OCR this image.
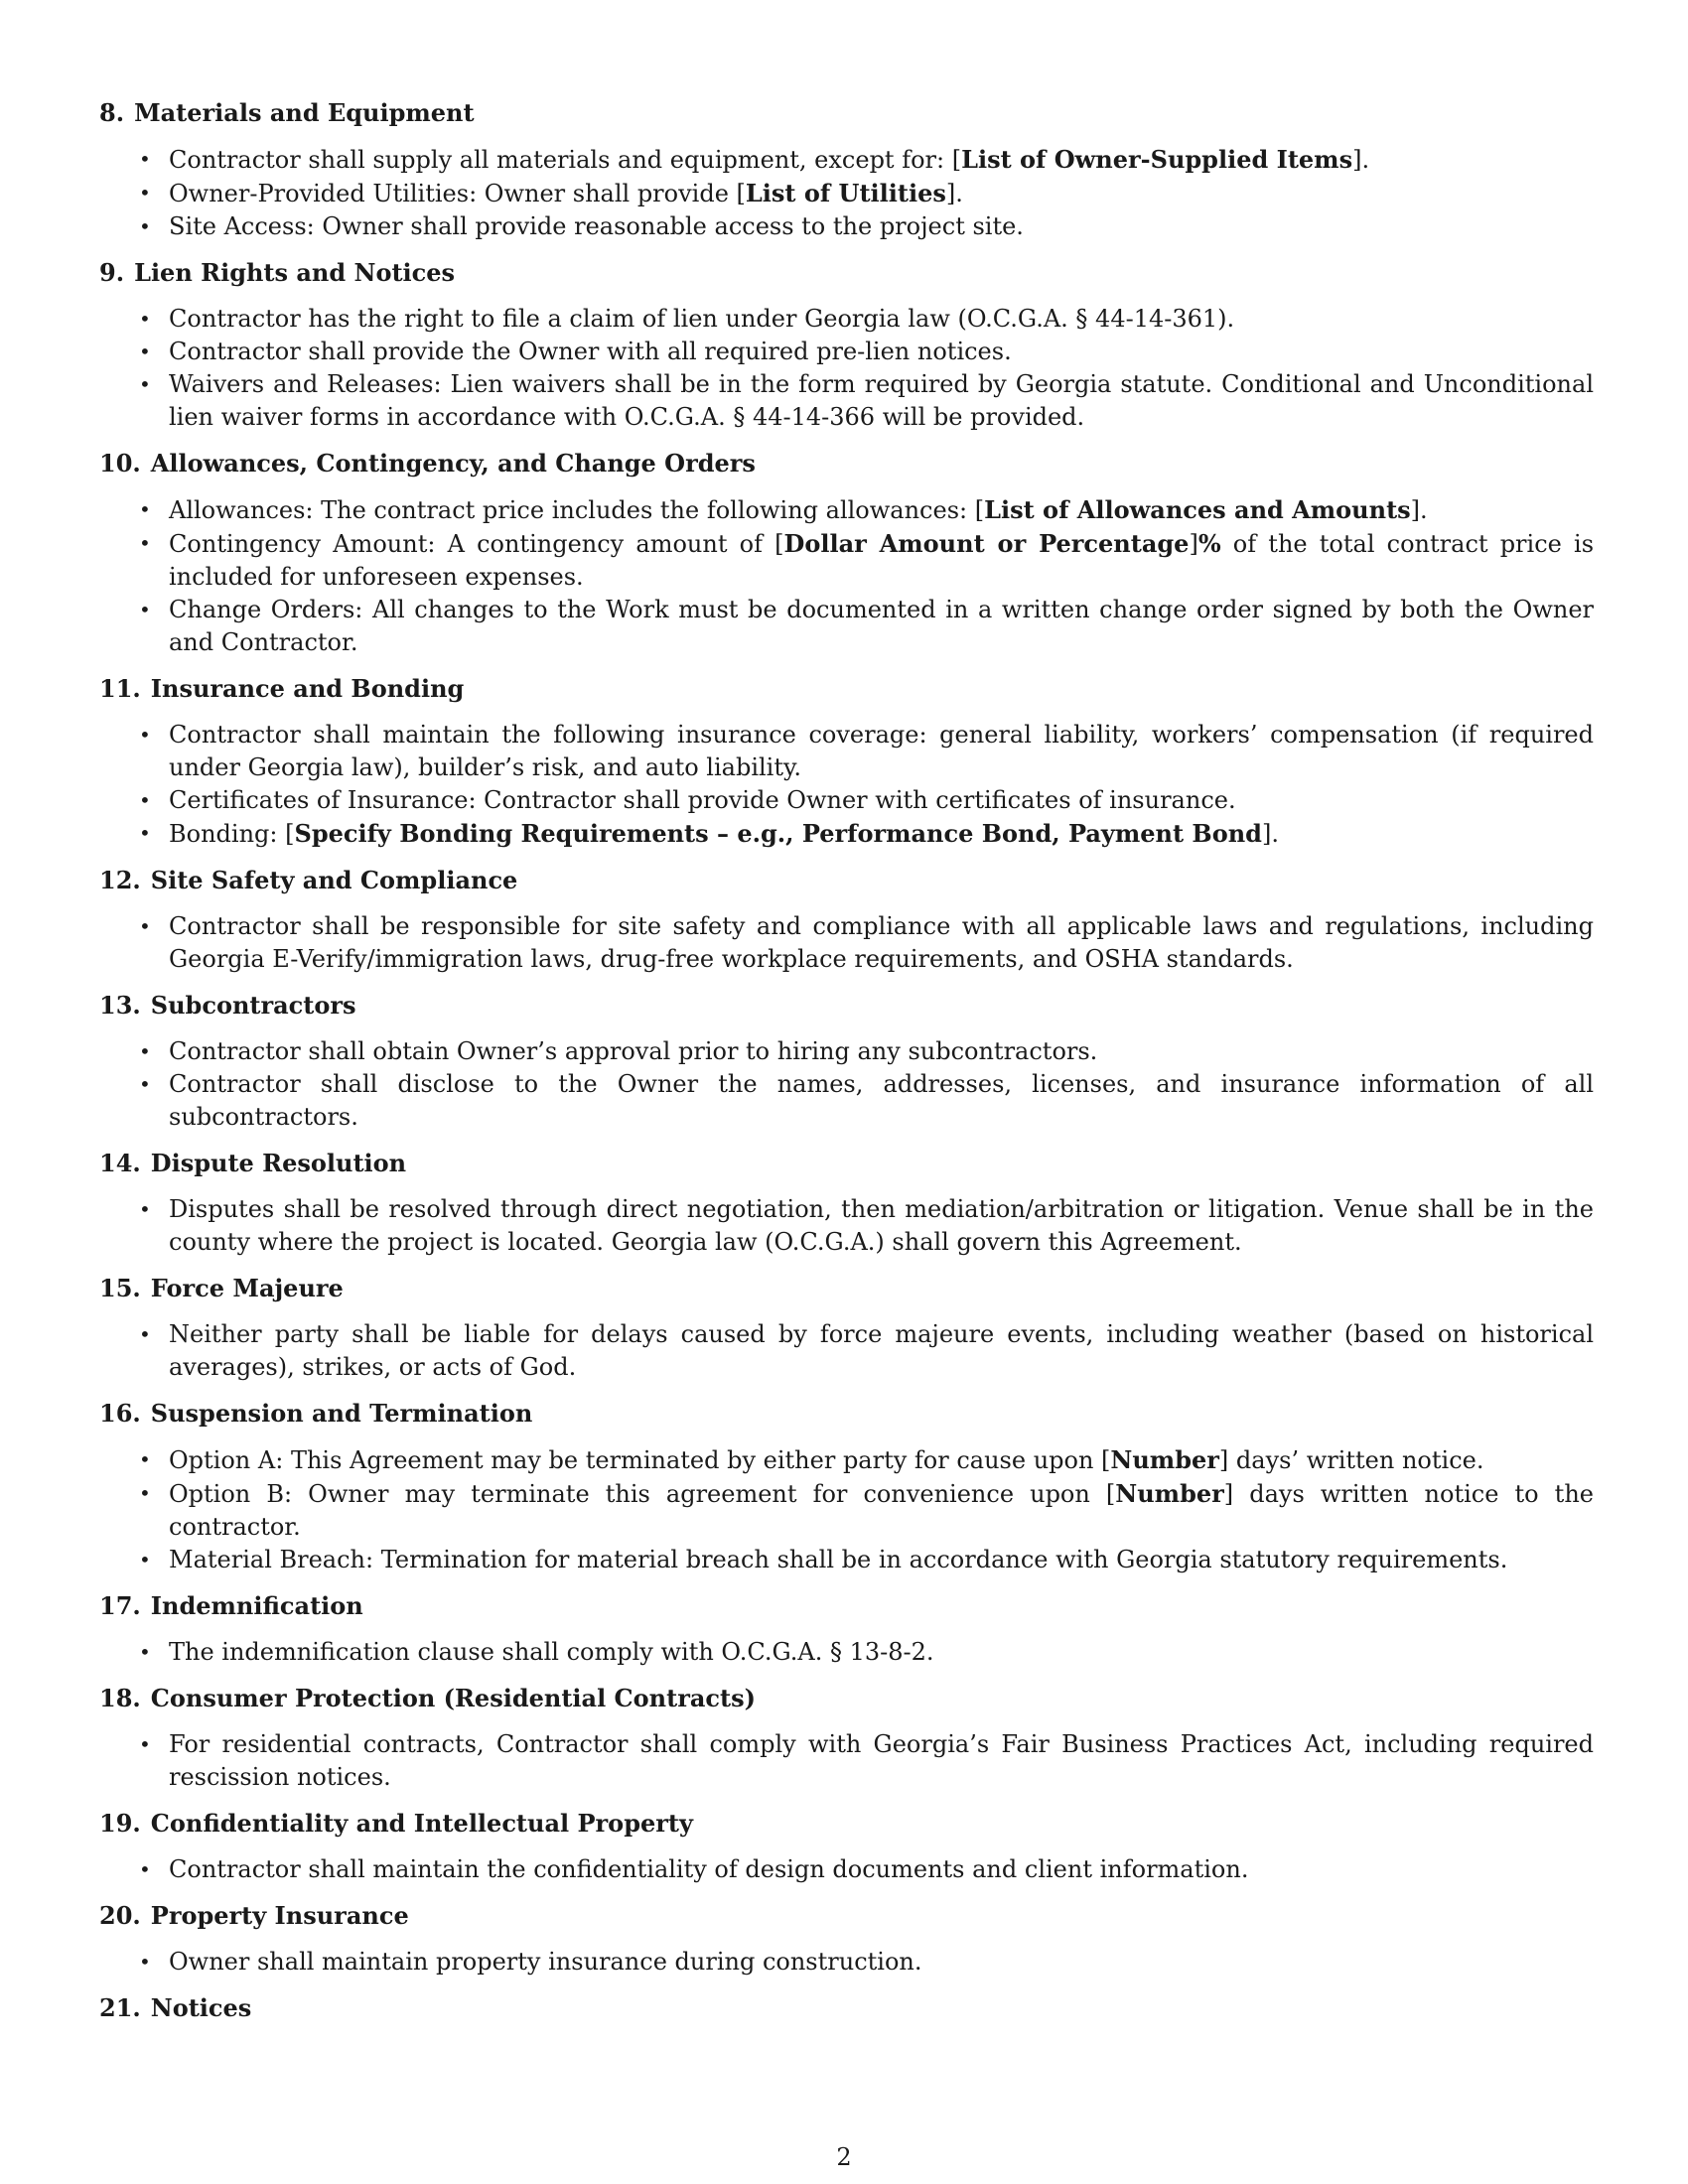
8. Materials and Equipment
• Contractor shall supply all materials and equipment, except for: [List of Owner-Supplied Items].
• Owner-Provided Utilities: Owner shall provide [List of Utilities].
• Site Access: Owner shall provide reasonable access to the project site.
9. Lien Rights and Notices
• Contractor has the right to file a claim of lien under Georgia law (O.C.G.A. § 44-14-361).
• Contractor shall provide the Owner with all required pre-lien notices.
• Waivers and Releases: Lien waivers shall be in the form required by Georgia statute. Conditional and Unconditional lien waiver forms in accordance with O.C.G.A. § 44-14-366 will be provided.
10. Allowances, Contingency, and Change Orders
• Allowances: The contract price includes the following allowances: [List of Allowances and Amounts].
• Contingency Amount: A contingency amount of [Dollar Amount or Percentage]% of the total contract price is included for unforeseen expenses.
• Change Orders: All changes to the Work must be documented in a written change order signed by both the Owner and Contractor.
11. Insurance and Bonding
• Contractor shall maintain the following insurance coverage: general liability, workers’ compensation (if required under Georgia law), builder’s risk, and auto liability.
• Certificates of Insurance: Contractor shall provide Owner with certificates of insurance.
• Bonding: [Specify Bonding Requirements – e.g., Performance Bond, Payment Bond].
12. Site Safety and Compliance
• Contractor shall be responsible for site safety and compliance with all applicable laws and regulations, including Georgia E-Verify/immigration laws, drug-free workplace requirements, and OSHA standards.
13. Subcontractors
• Contractor shall obtain Owner’s approval prior to hiring any subcontractors.
• Contractor shall disclose to the Owner the names, addresses, licenses, and insurance information of all subcontractors.
14. Dispute Resolution
• Disputes shall be resolved through direct negotiation, then mediation/arbitration or litigation. Venue shall be in the county where the project is located. Georgia law (O.C.G.A.) shall govern this Agreement.
15. Force Majeure
• Neither party shall be liable for delays caused by force majeure events, including weather (based on historical averages), strikes, or acts of God.
16. Suspension and Termination
• Option A: This Agreement may be terminated by either party for cause upon [Number] days’ written notice.
• Option B: Owner may terminate this agreement for convenience upon [Number] days written notice to the contractor.
• Material Breach: Termination for material breach shall be in accordance with Georgia statutory requirements.
17. Indemnification
• The indemnification clause shall comply with O.C.G.A. § 13-8-2.
18. Consumer Protection (Residential Contracts)
• For residential contracts, Contractor shall comply with Georgia’s Fair Business Practices Act, including required rescission notices.
19. Confidentiality and Intellectual Property
• Contractor shall maintain the confidentiality of design documents and client information.
20. Property Insurance
• Owner shall maintain property insurance during construction.
21. Notices
2
